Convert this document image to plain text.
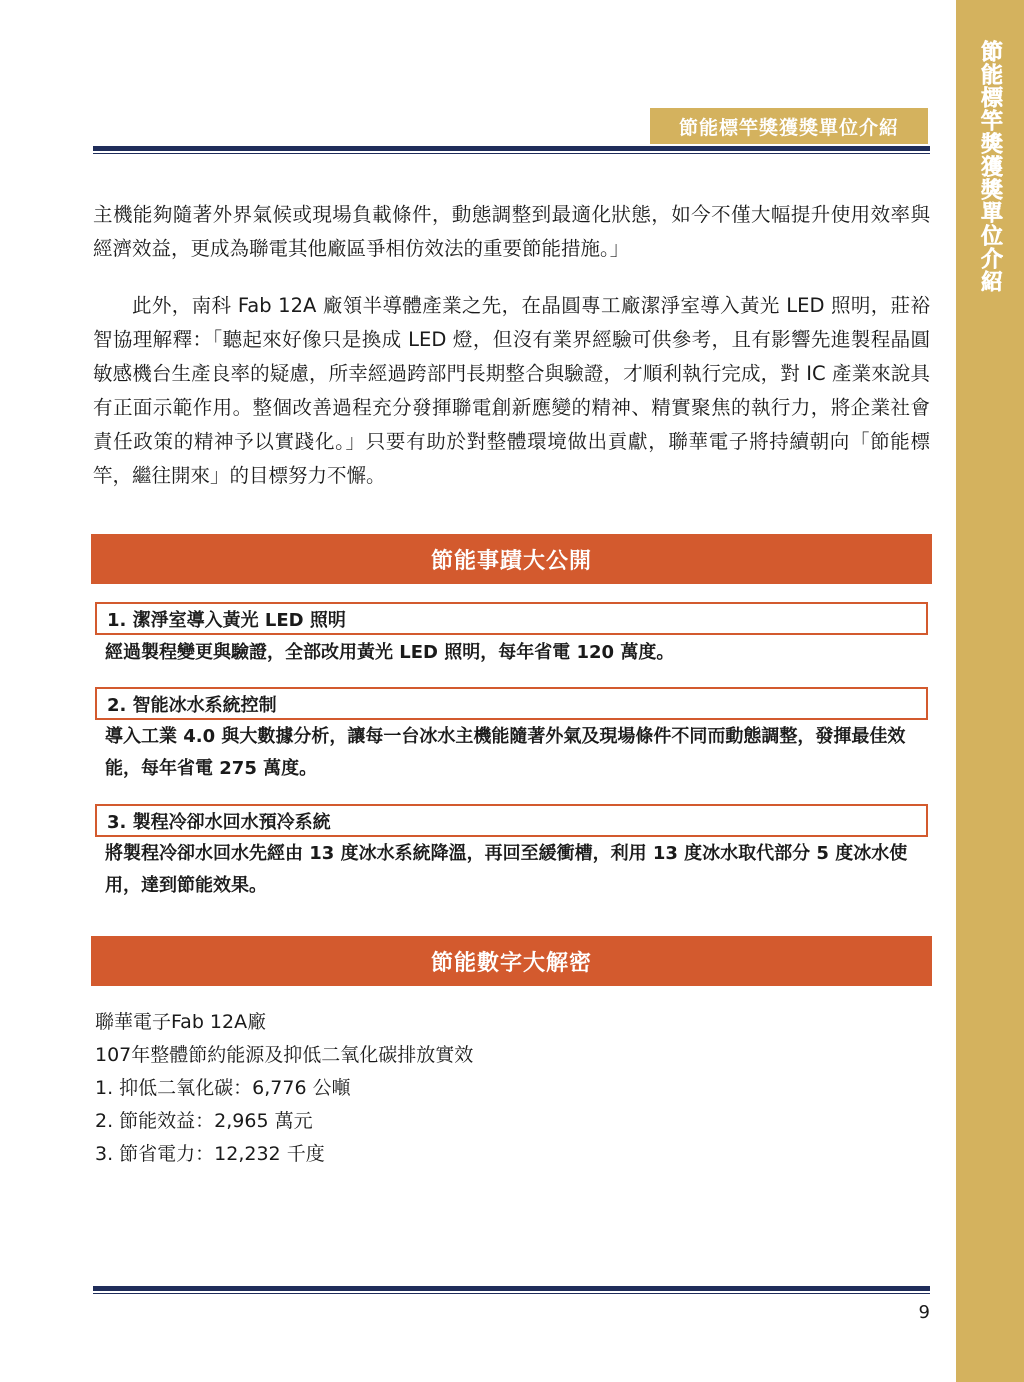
節能標竿獎獲獎單位介紹
節能標竿獎獲獎單位介紹

主機能夠隨著外界氣候或現場負載條件，動態調整到最適化狀態，如今不僅大幅提升使用效率與經濟效益，更成為聯電其他廠區爭相仿效法的重要節能措施。」

此外，南科 Fab 12A 廠領半導體產業之先，在晶圓專工廠潔淨室導入黃光 LED 照明，莊裕智協理解釋：「聽起來好像只是換成 LED 燈，但沒有業界經驗可供參考，且有影響先進製程晶圓敏感機台生產良率的疑慮，所幸經過跨部門長期整合與驗證，才順利執行完成，對 IC 產業來說具有正面示範作用。整個改善過程充分發揮聯電創新應變的精神、精實聚焦的執行力，將企業社會責任政策的精神予以實踐化。」只要有助於對整體環境做出貢獻，聯華電子將持續朝向「節能標竿，繼往開來」的目標努力不懈。

節能事蹟大公開
1. 潔淨室導入黃光 LED 照明

經過製程變更與驗證，全部改用黃光 LED 照明，每年省電 120 萬度。

2. 智能冰水系統控制

導入工業 4.0 與大數據分析，讓每一台冰水主機能隨著外氣及現場條件不同而動態調整，發揮最佳效能，每年省電 275 萬度。

3. 製程冷卻水回水預冷系統

將製程冷卻水回水先經由 13 度冰水系統降溫，再回至緩衝槽，利用 13 度冰水取代部分 5 度冰水使用，達到節能效果。

節能數字大解密
聯華電子Fab 12A廠
107年整體節約能源及抑低二氧化碳排放實效
1. 抑低二氧化碳：6,776 公噸
2. 節能效益：2,965 萬元
3. 節省電力：12,232 千度
9
